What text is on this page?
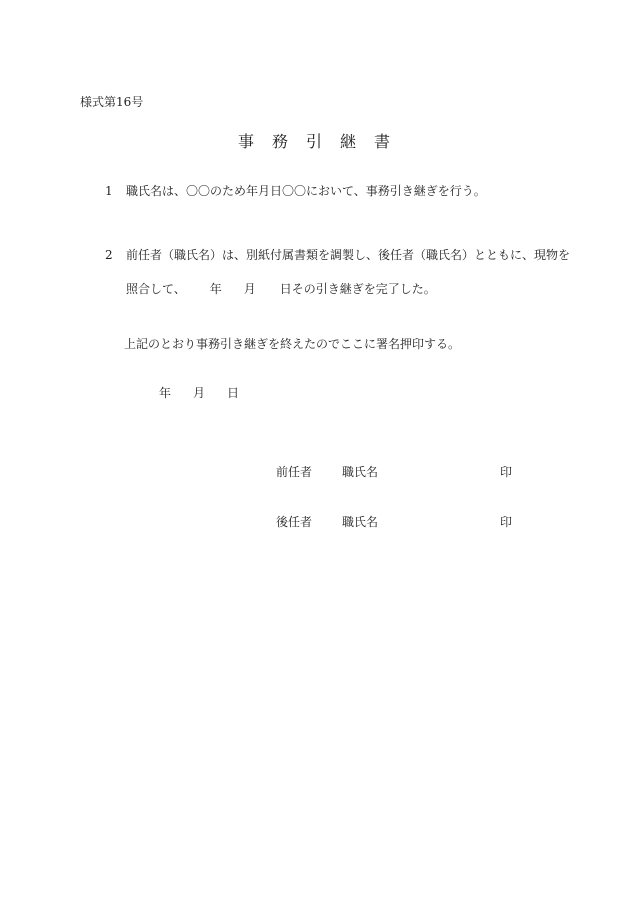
様式第16号
事	務	引	継	書
1 職氏名は、〇〇のため年月日〇〇において、事務引き継ぎを行う。
2 前任者（職氏名）は、別紙付属書類を調製し、後任者（職氏名）とともに、現物を
照合して、 年 月 日その引き継ぎを完了した。
上記のとおり事務引き継ぎを終えたのでここに署名押印する。
年 月 日
前任者	職氏名	印
後任者	職氏名	印
